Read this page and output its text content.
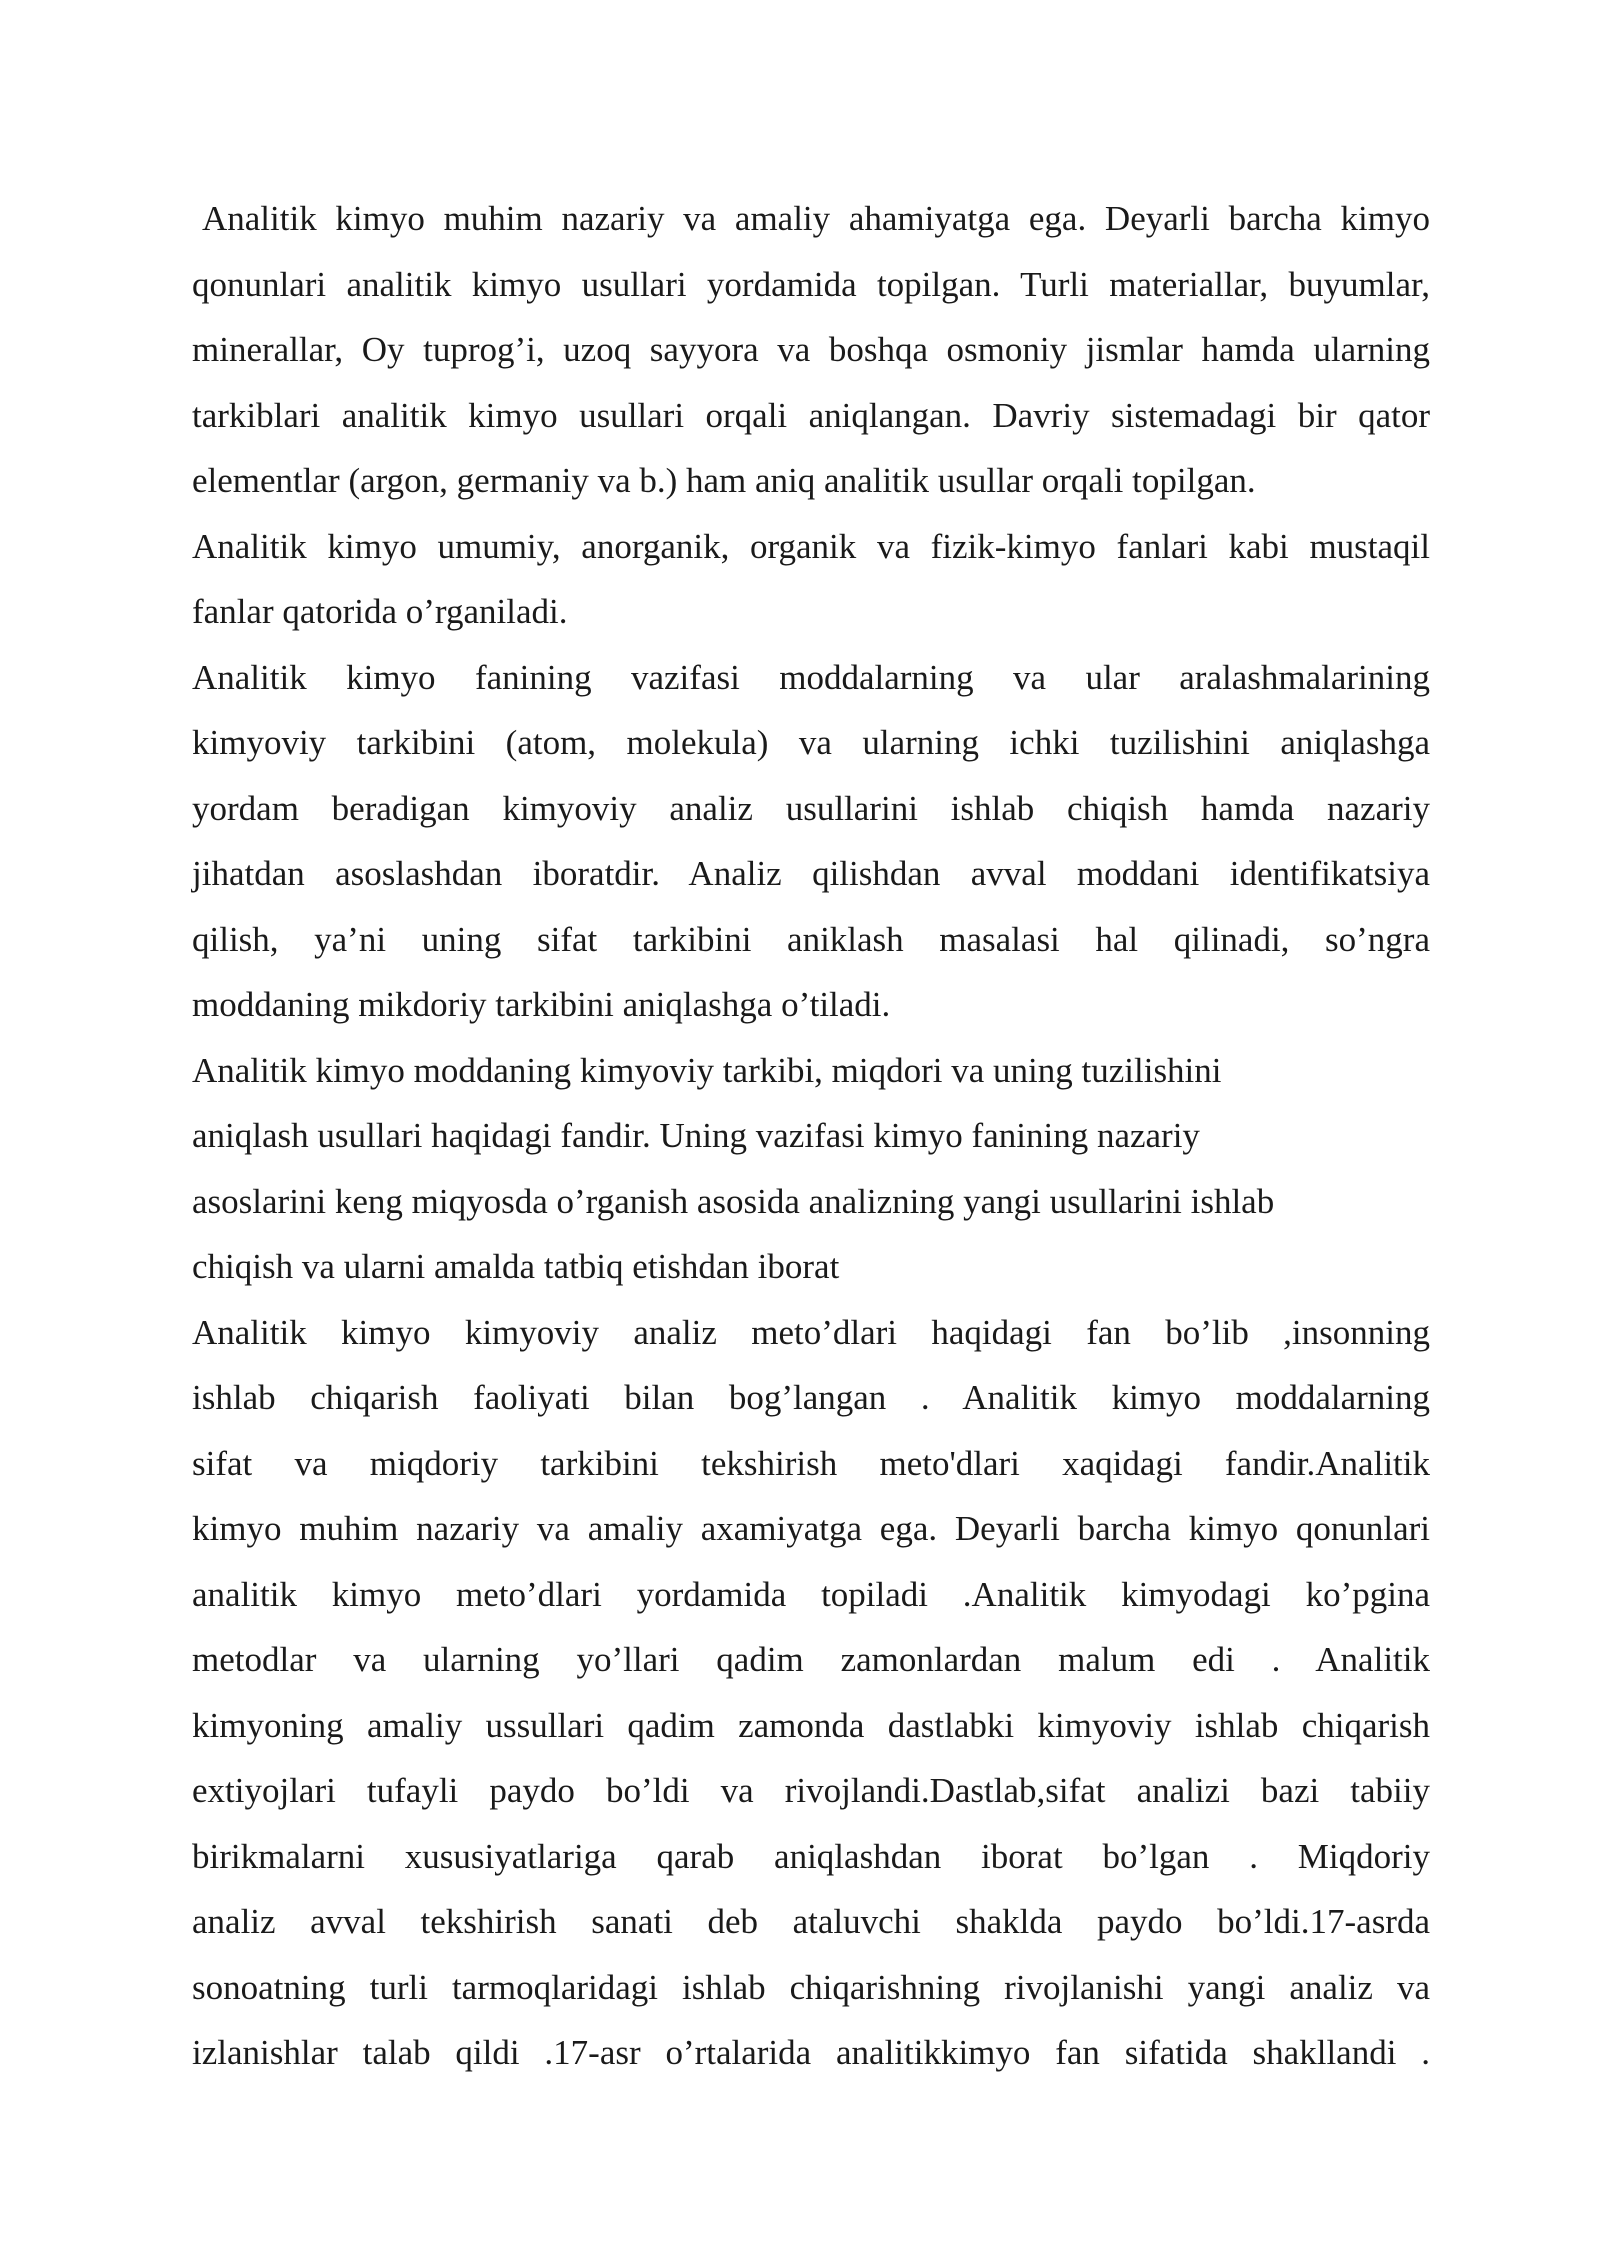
Analitik kimyo muhim nazariy va amaliy ahamiyatga ega. Deyarli barcha kimyo
qonunlari analitik kimyo usullari yordamida topilgan. Turli materiallar, buyumlar,
minerallar, Oy tuprog’i, uzoq sayyora va boshqa osmoniy jismlar hamda ularning
tarkiblari analitik kimyo usullari orqali aniqlangan. Davriy sistemadagi bir qator
elementlar (argon, germaniy va b.) ham aniq analitik usullar orqali topilgan.
Analitik kimyo umumiy, anorganik, organik va fizik-kimyo fanlari kabi mustaqil
fanlar qatorida o’rganiladi.
Analitik kimyo fanining vazifasi moddalarning va ular aralashmalarining
kimyoviy tarkibini (atom, molekula) va ularning ichki tuzilishini aniqlashga
yordam beradigan kimyoviy analiz usullarini ishlab chiqish hamda nazariy
jihatdan asoslashdan iboratdir. Analiz qilishdan avval moddani identifikatsiya
qilish, ya’ni uning sifat tarkibini aniklash masalasi hal qilinadi, so’ngra
moddaning mikdoriy tarkibini aniqlashga o’tiladi.
Analitik kimyo moddaning kimyoviy tarkibi, miqdori va uning tuzilishini
aniqlash usullari haqidagi fandir. Uning vazifasi kimyo fanining nazariy
asoslarini keng miqyosda o’rganish asosida analizning yangi usullarini ishlab
chiqish va ularni amalda tatbiq etishdan iborat
Analitik kimyo kimyoviy analiz meto’dlari haqidagi fan bo’lib ,insonning
ishlab chiqarish faoliyati bilan bog’langan . Analitik kimyo moddalarning
sifat va miqdoriy tarkibini tekshirish meto'dlari xaqidagi fandir.Analitik
kimyo muhim nazariy va amaliy axamiyatga ega. Deyarli barcha kimyo qonunlari
analitik kimyo meto’dlari yordamida topiladi .Analitik kimyodagi ko’pgina
metodlar va ularning yo’llari qadim zamonlardan malum edi . Analitik
kimyoning amaliy ussullari qadim zamonda dastlabki kimyoviy ishlab chiqarish
extiyojlari tufayli paydo bo’ldi va rivojlandi.Dastlab,sifat analizi bazi tabiiy
birikmalarni xususiyatlariga qarab aniqlashdan iborat bo’lgan . Miqdoriy
analiz avval tekshirish sanati deb ataluvchi shaklda paydo bo’ldi.17-asrda
sonoatning turli tarmoqlaridagi ishlab chiqarishning rivojlanishi yangi analiz va
izlanishlar talab qildi .17-asr o’rtalarida analitikkimyo fan sifatida shakllandi .
